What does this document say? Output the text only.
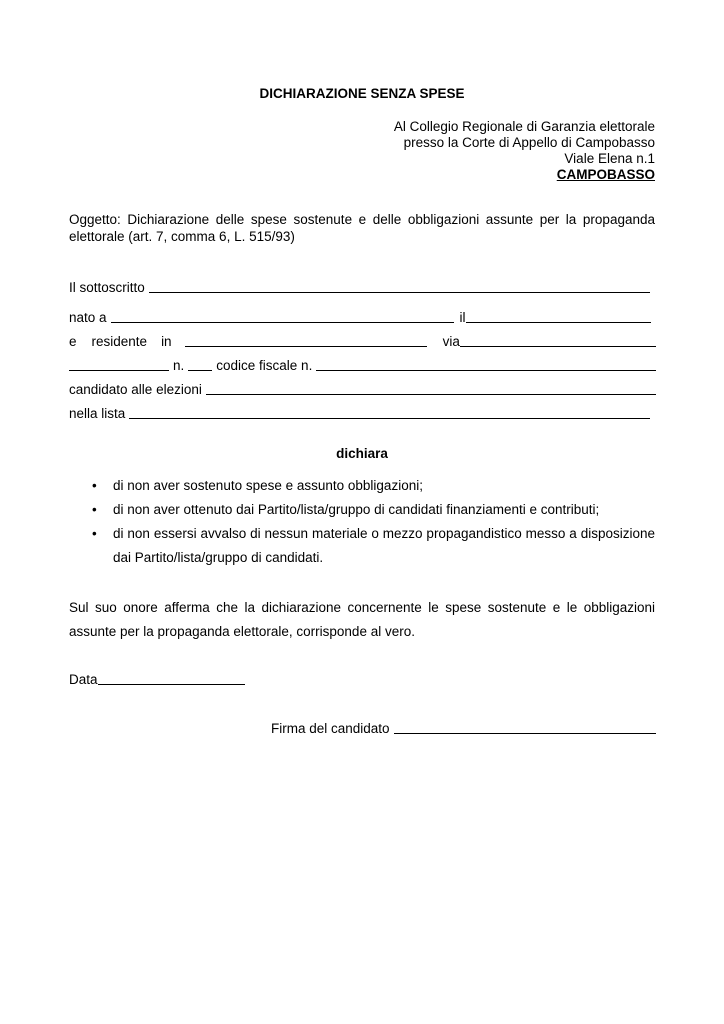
DICHIARAZIONE SENZA SPESE
Al Collegio Regionale di Garanzia elettorale
presso la Corte di Appello di Campobasso
Viale Elena n.1
CAMPOBASSO
Oggetto: Dichiarazione delle spese sostenute e delle obbligazioni assunte per la propaganda elettorale (art. 7, comma 6, L. 515/93)
Il sottoscritto
nato a	il
e residente in	via
n. codice fiscale n.
candidato alle elezioni
nella lista
dichiara
•	di non aver sostenuto spese e assunto obbligazioni;
•	di non aver ottenuto dai Partito/lista/gruppo di candidati finanziamenti e contributi;
•	di non essersi avvalso di nessun materiale o mezzo propagandistico messo a disposizione dai Partito/lista/gruppo di candidati.
Sul suo onore afferma che la dichiarazione concernente le spese sostenute e le obbligazioni assunte per la propaganda elettorale, corrisponde al vero.
Data
Firma del candidato
